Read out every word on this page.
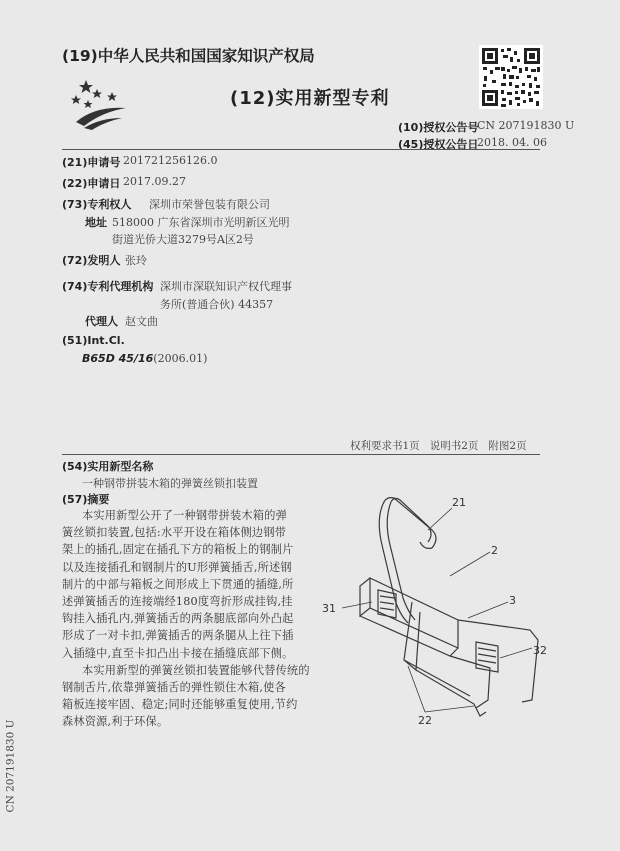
(19)中华人民共和国国家知识产权局
(12)实用新型专利
(10)授权公告号
CN 207191830 U
(45)授权公告日
2018. 04. 06
(21)申请号 201721256126.0
(22)申请日 2017.09.27
(73)专利权人 深圳市荣誉包装有限公司
地址 518000 广东省深圳市光明新区光明
街道光侨大道3279号A区2号
(72)发明人 张玲
(74)专利代理机构 深圳市深联知识产权代理事
务所(普通合伙) 44357
代理人 赵文曲
(51)Int.Cl.
B65D 45/16(2006.01)
权利要求书1页   说明书2页   附图2页
(54)实用新型名称
一种钢带拼装木箱的弹簧丝锁扣装置
(57)摘要
本实用新型公开了一种钢带拼装木箱的弹
簧丝锁扣装置,包括:水平开设在箱体侧边钢带
架上的插孔,固定在插孔下方的箱板上的钢制片
以及连接插孔和钢制片的U形弹簧插舌,所述钢
制片的中部与箱板之间形成上下贯通的插缝,所
述弹簧插舌的连接端经180度弯折形成挂钩,挂
钩挂入插孔内,弹簧插舌的两条腿底部向外凸起
形成了一对卡扣,弹簧插舌的两条腿从上往下插
入插缝中,直至卡扣凸出卡接在插缝底部下侧。
本实用新型的弹簧丝锁扣装置能够代替传统的
钢制舌片,依靠弹簧插舌的弹性锁住木箱,使各
箱板连接牢固、稳定;同时还能够重复使用,节约
森林资源,利于环保。
21
2
3
31
32
22
CN 207191830 U
